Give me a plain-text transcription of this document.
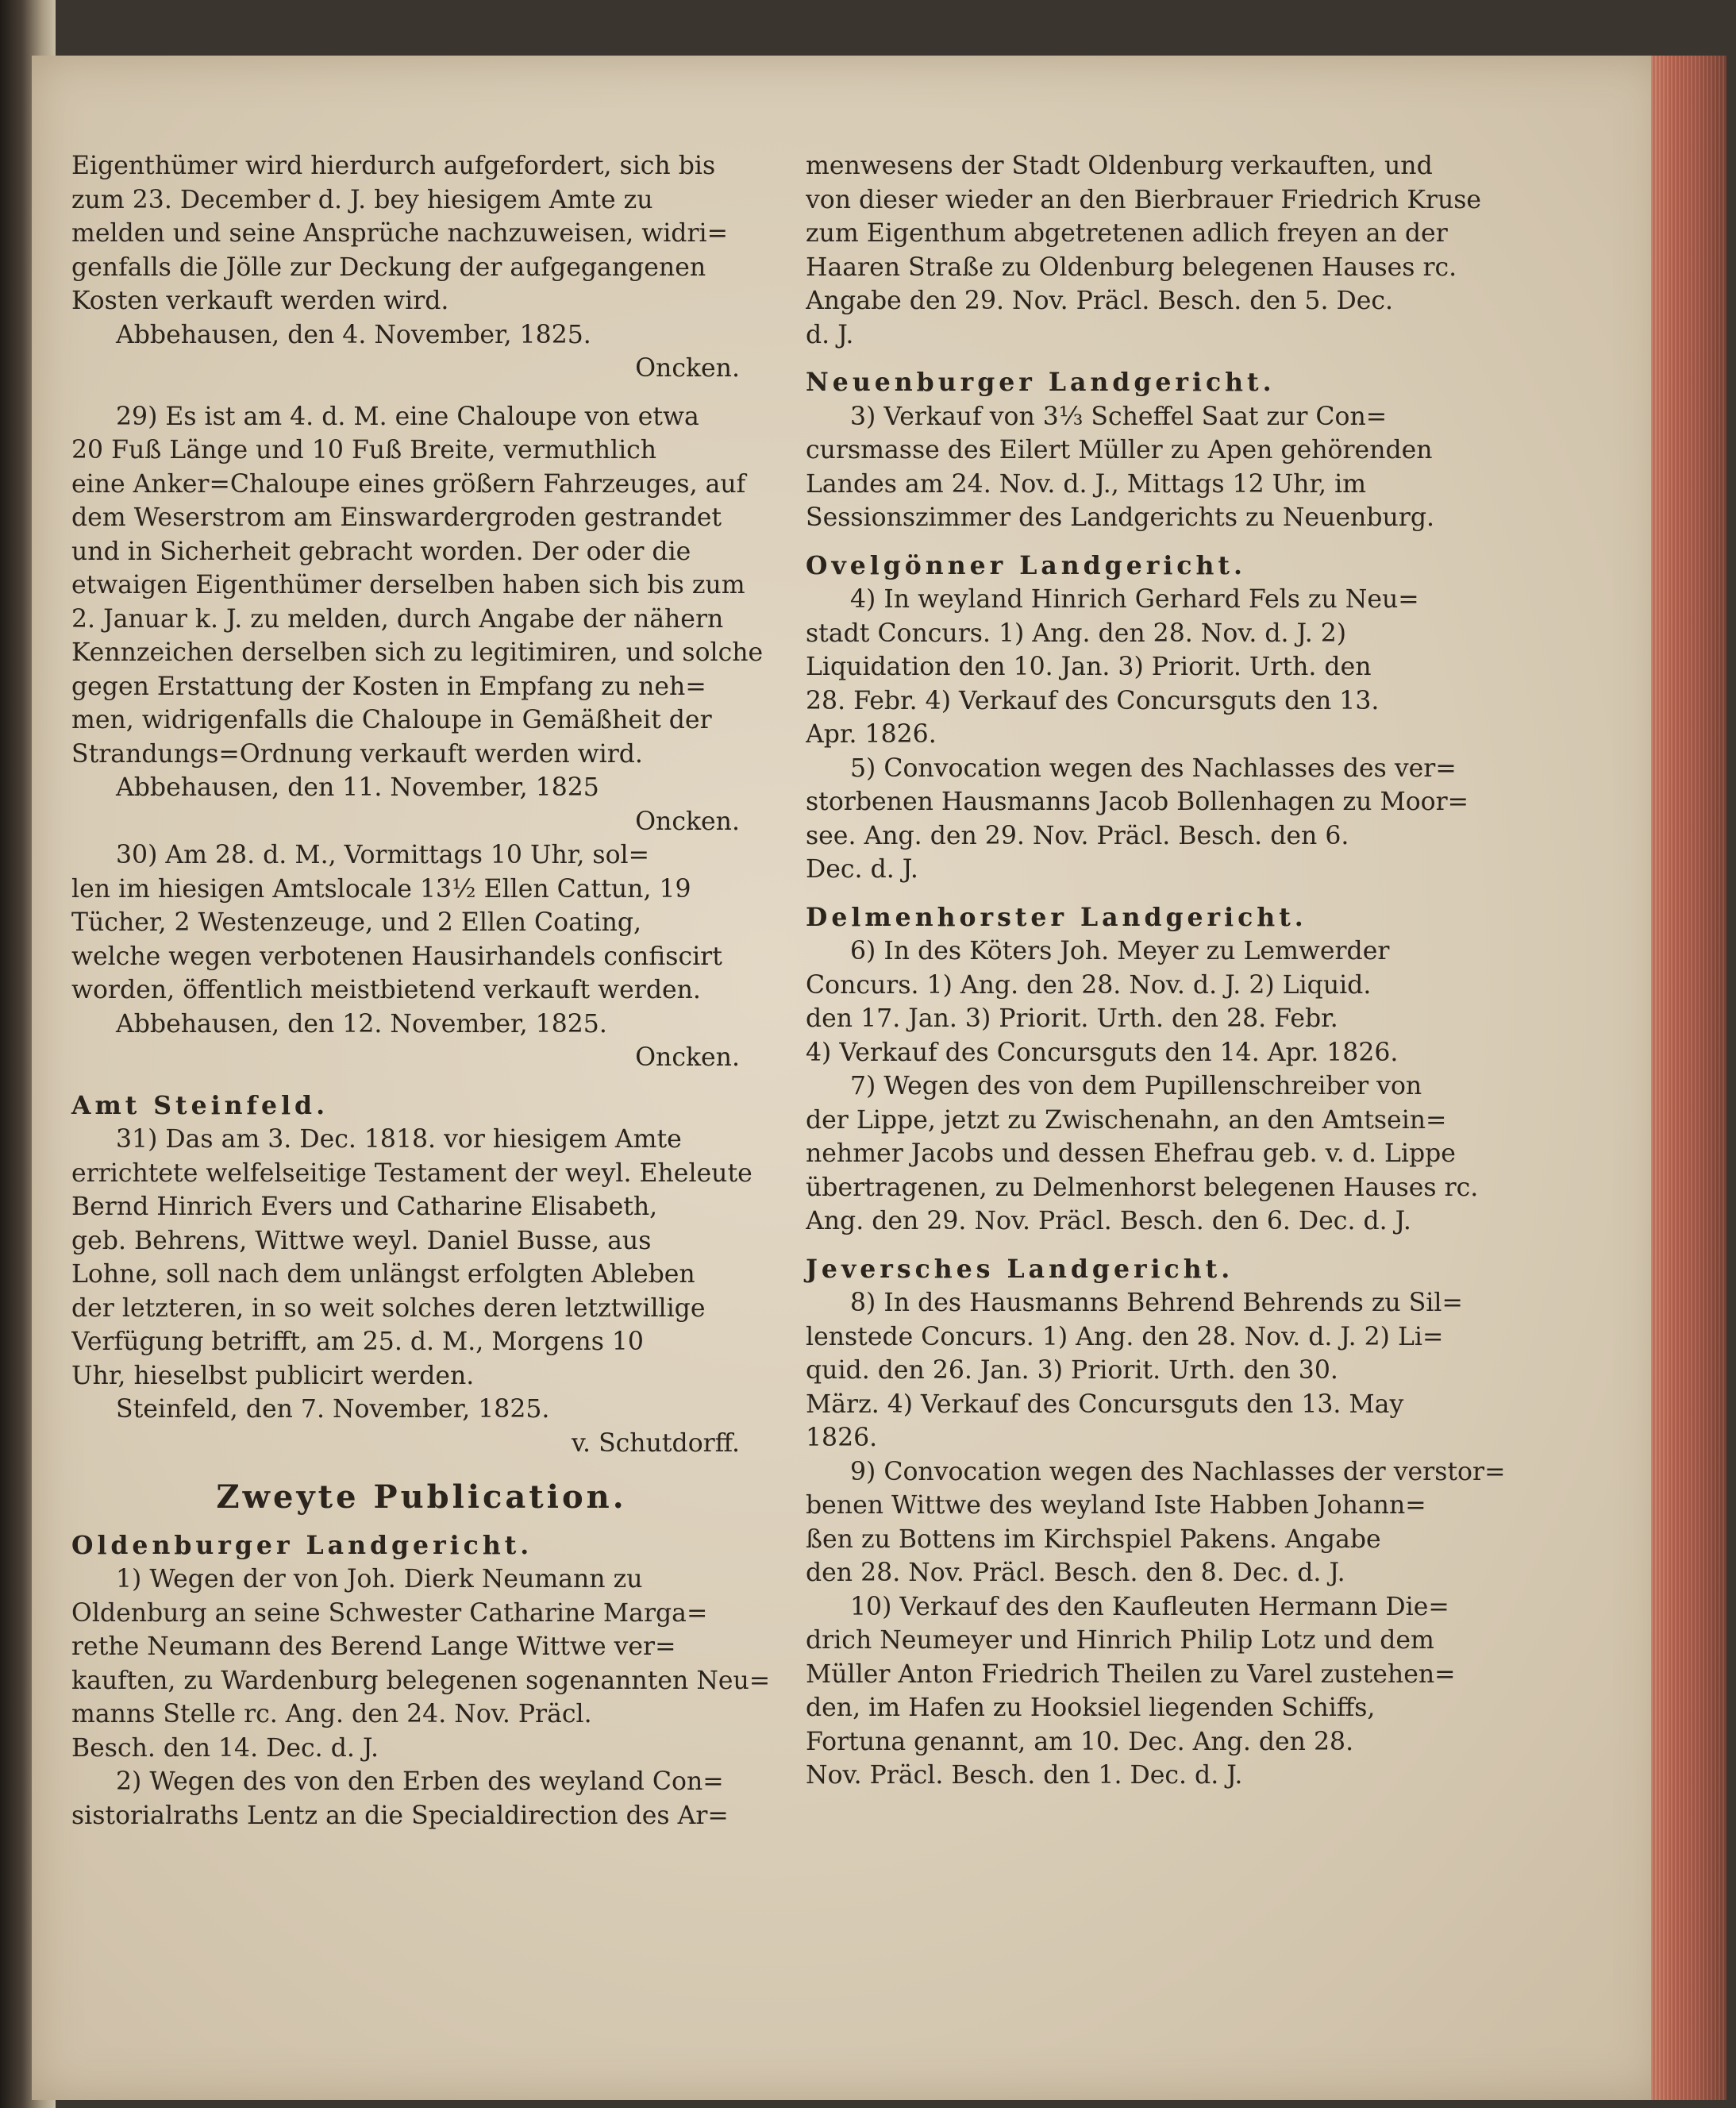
Eigenthümer wird hierdurch aufgefordert, sich bis
zum 23. December d. J. bey hiesigem Amte zu
melden und seine Ansprüche nachzuweisen, widri=
genfalls die Jölle zur Deckung der aufgegangenen
Kosten verkauft werden wird.
Abbehausen, den 4. November, 1825.
Oncken.
29) Es ist am 4. d. M. eine Chaloupe von etwa
20 Fuß Länge und 10 Fuß Breite, vermuthlich
eine Anker=Chaloupe eines größern Fahrzeuges, auf
dem Weserstrom am Einswardergroden gestrandet
und in Sicherheit gebracht worden. Der oder die
etwaigen Eigenthümer derselben haben sich bis zum
2. Januar k. J. zu melden, durch Angabe der nähern
Kennzeichen derselben sich zu legitimiren, und solche
gegen Erstattung der Kosten in Empfang zu neh=
men, widrigenfalls die Chaloupe in Gemäßheit der
Strandungs=Ordnung verkauft werden wird.
Abbehausen, den 11. November, 1825
Oncken.
30) Am 28. d. M., Vormittags 10 Uhr, sol=
len im hiesigen Amtslocale 13½ Ellen Cattun, 19
Tücher, 2 Westenzeuge, und 2 Ellen Coating,
welche wegen verbotenen Hausirhandels confiscirt
worden, öffentlich meistbietend verkauft werden.
Abbehausen, den 12. November, 1825.
Oncken.
Amt Steinfeld.
31) Das am 3. Dec. 1818. vor hiesigem Amte
errichtete welfelseitige Testament der weyl. Eheleute
Bernd Hinrich Evers und Catharine Elisabeth,
geb. Behrens, Wittwe weyl. Daniel Busse, aus
Lohne, soll nach dem unlängst erfolgten Ableben
der letzteren, in so weit solches deren letztwillige
Verfügung betrifft, am 25. d. M., Morgens 10
Uhr, hieselbst publicirt werden.
Steinfeld, den 7. November, 1825.
v. Schutdorff.
Zweyte Publication.
Oldenburger Landgericht.
1) Wegen der von Joh. Dierk Neumann zu
Oldenburg an seine Schwester Catharine Marga=
rethe Neumann des Berend Lange Wittwe ver=
kauften, zu Wardenburg belegenen sogenannten Neu=
manns Stelle rc. Ang. den 24. Nov. Präcl.
Besch. den 14. Dec. d. J.
2) Wegen des von den Erben des weyland Con=
sistorialraths Lentz an die Specialdirection des Ar=
menwesens der Stadt Oldenburg verkauften, und
von dieser wieder an den Bierbrauer Friedrich Kruse
zum Eigenthum abgetretenen adlich freyen an der
Haaren Straße zu Oldenburg belegenen Hauses rc.
Angabe den 29. Nov. Präcl. Besch. den 5. Dec.
d. J.
Neuenburger Landgericht.
3) Verkauf von 3⅓ Scheffel Saat zur Con=
cursmasse des Eilert Müller zu Apen gehörenden
Landes am 24. Nov. d. J., Mittags 12 Uhr, im
Sessionszimmer des Landgerichts zu Neuenburg.
Ovelgönner Landgericht.
4) In weyland Hinrich Gerhard Fels zu Neu=
stadt Concurs. 1) Ang. den 28. Nov. d. J. 2)
Liquidation den 10. Jan. 3) Priorit. Urth. den
28. Febr. 4) Verkauf des Concursguts den 13.
Apr. 1826.
5) Convocation wegen des Nachlasses des ver=
storbenen Hausmanns Jacob Bollenhagen zu Moor=
see. Ang. den 29. Nov. Präcl. Besch. den 6.
Dec. d. J.
Delmenhorster Landgericht.
6) In des Köters Joh. Meyer zu Lemwerder
Concurs. 1) Ang. den 28. Nov. d. J. 2) Liquid.
den 17. Jan. 3) Priorit. Urth. den 28. Febr.
4) Verkauf des Concursguts den 14. Apr. 1826.
7) Wegen des von dem Pupillenschreiber von
der Lippe, jetzt zu Zwischenahn, an den Amtsein=
nehmer Jacobs und dessen Ehefrau geb. v. d. Lippe
übertragenen, zu Delmenhorst belegenen Hauses rc.
Ang. den 29. Nov. Präcl. Besch. den 6. Dec. d. J.
Jeversches Landgericht.
8) In des Hausmanns Behrend Behrends zu Sil=
lenstede Concurs. 1) Ang. den 28. Nov. d. J. 2) Li=
quid. den 26. Jan. 3) Priorit. Urth. den 30.
März. 4) Verkauf des Concursguts den 13. May
1826.
9) Convocation wegen des Nachlasses der verstor=
benen Wittwe des weyland Iste Habben Johann=
ßen zu Bottens im Kirchspiel Pakens. Angabe
den 28. Nov. Präcl. Besch. den 8. Dec. d. J.
10) Verkauf des den Kaufleuten Hermann Die=
drich Neumeyer und Hinrich Philip Lotz und dem
Müller Anton Friedrich Theilen zu Varel zustehen=
den, im Hafen zu Hooksiel liegenden Schiffs,
Fortuna genannt, am 10. Dec. Ang. den 28.
Nov. Präcl. Besch. den 1. Dec. d. J.
